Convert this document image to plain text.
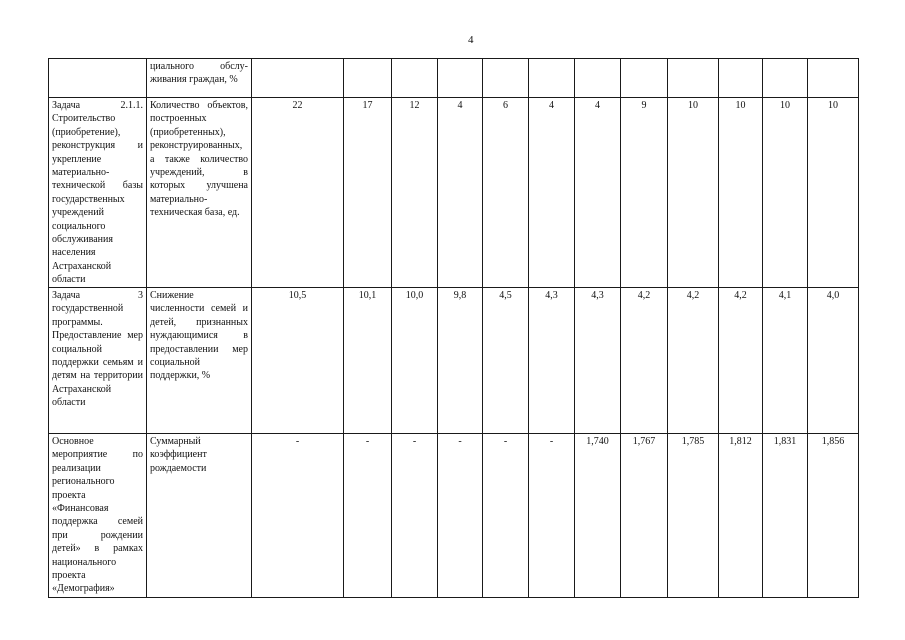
4
	циального обслу-живания граждан, %												
Задача 2.1.1. Строительство (приобретение), реконструкция и укрепление материально-технической базы государственных учреждений социального обслуживания населения Астраханской области	Количество объектов, построенных (приобретенных), реконструированных, а также количество учреждений, в которых улучшена материально-техническая база, ед.	22	17	12	4	6	4	4	9	10	10	10	10
Задача 3 государственной программы. Предоставление мер социальной поддержки семьям и детям на территории Астраханской области	Снижение численности семей и детей, признанных нуждающимися в предоставлении мер социальной поддержки, %	10,5	10,1	10,0	9,8	4,5	4,3	4,3	4,2	4,2	4,2	4,1	4,0
Основное мероприятие по реализации регионального проекта «Финансовая поддержка семей при рождении детей» в рамках национального проекта «Демография»	Суммарный коэффициент рождаемости	-	-	-	-	-	-	1,740	1,767	1,785	1,812	1,831	1,856
